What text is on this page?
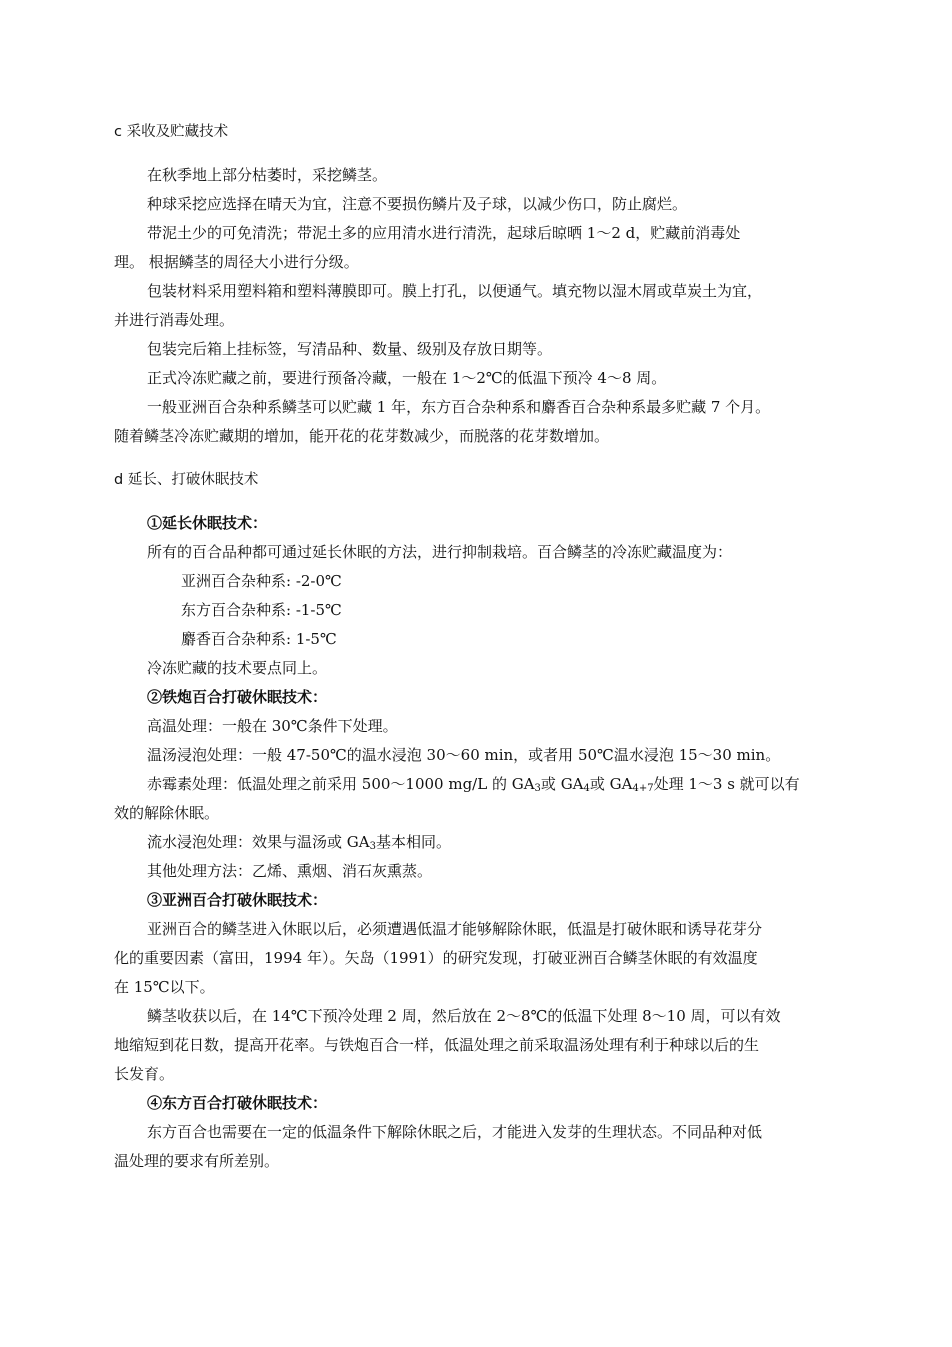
c 采收及贮藏技术
在秋季地上部分枯萎时，采挖鳞茎。
种球采挖应选择在晴天为宜，注意不要损伤鳞片及子球，以减少伤口，防止腐烂。
带泥土少的可免清洗；带泥土多的应用清水进行清洗，起球后晾晒 1～2 d，贮藏前消毒处
理。 根据鳞茎的周径大小进行分级。
包装材料采用塑料箱和塑料薄膜即可。膜上打孔，以便通气。填充物以湿木屑或草炭土为宜，
并进行消毒处理。
包装完后箱上挂标签，写清品种、数量、级别及存放日期等。
正式冷冻贮藏之前，要进行预备冷藏，一般在 1～2℃的低温下预冷 4～8 周。
一般亚洲百合杂种系鳞茎可以贮藏 1 年，东方百合杂种系和麝香百合杂种系最多贮藏 7 个月。
随着鳞茎冷冻贮藏期的增加，能开花的花芽数减少，而脱落的花芽数增加。
d 延长、打破休眠技术
①延长休眠技术：
所有的百合品种都可通过延长休眠的方法，进行抑制栽培。百合鳞茎的冷冻贮藏温度为：
亚洲百合杂种系: -2-0℃
东方百合杂种系: -1-5℃
麝香百合杂种系: 1-5℃
冷冻贮藏的技术要点同上。
②铁炮百合打破休眠技术：
高温处理：一般在 30℃条件下处理。
温汤浸泡处理：一般 47-50℃的温水浸泡 30～60 min，或者用 50℃温水浸泡 15～30 min。
赤霉素处理：低温处理之前采用 500～1000 mg/L 的 $GA_3$或 $GA_4$或 $GA_{4+7}$处理 1～3 s 就可以有
效的解除休眠。
流水浸泡处理：效果与温汤或 $GA_3$基本相同。
其他处理方法：乙烯、熏烟、消石灰熏蒸。
③亚洲百合打破休眠技术：
亚洲百合的鳞茎进入休眠以后，必须遭遇低温才能够解除休眠，低温是打破休眠和诱导花芽分
化的重要因素（富田，1994 年）。矢岛（1991）的研究发现，打破亚洲百合鳞茎休眠的有效温度
在 15℃以下。
鳞茎收获以后，在 14℃下预冷处理 2 周，然后放在 2～8℃的低温下处理 8～10 周，可以有效
地缩短到花日数，提高开花率。与铁炮百合一样，低温处理之前采取温汤处理有利于种球以后的生
长发育。
④东方百合打破休眠技术：
东方百合也需要在一定的低温条件下解除休眠之后，才能进入发芽的生理状态。不同品种对低
温处理的要求有所差别。
